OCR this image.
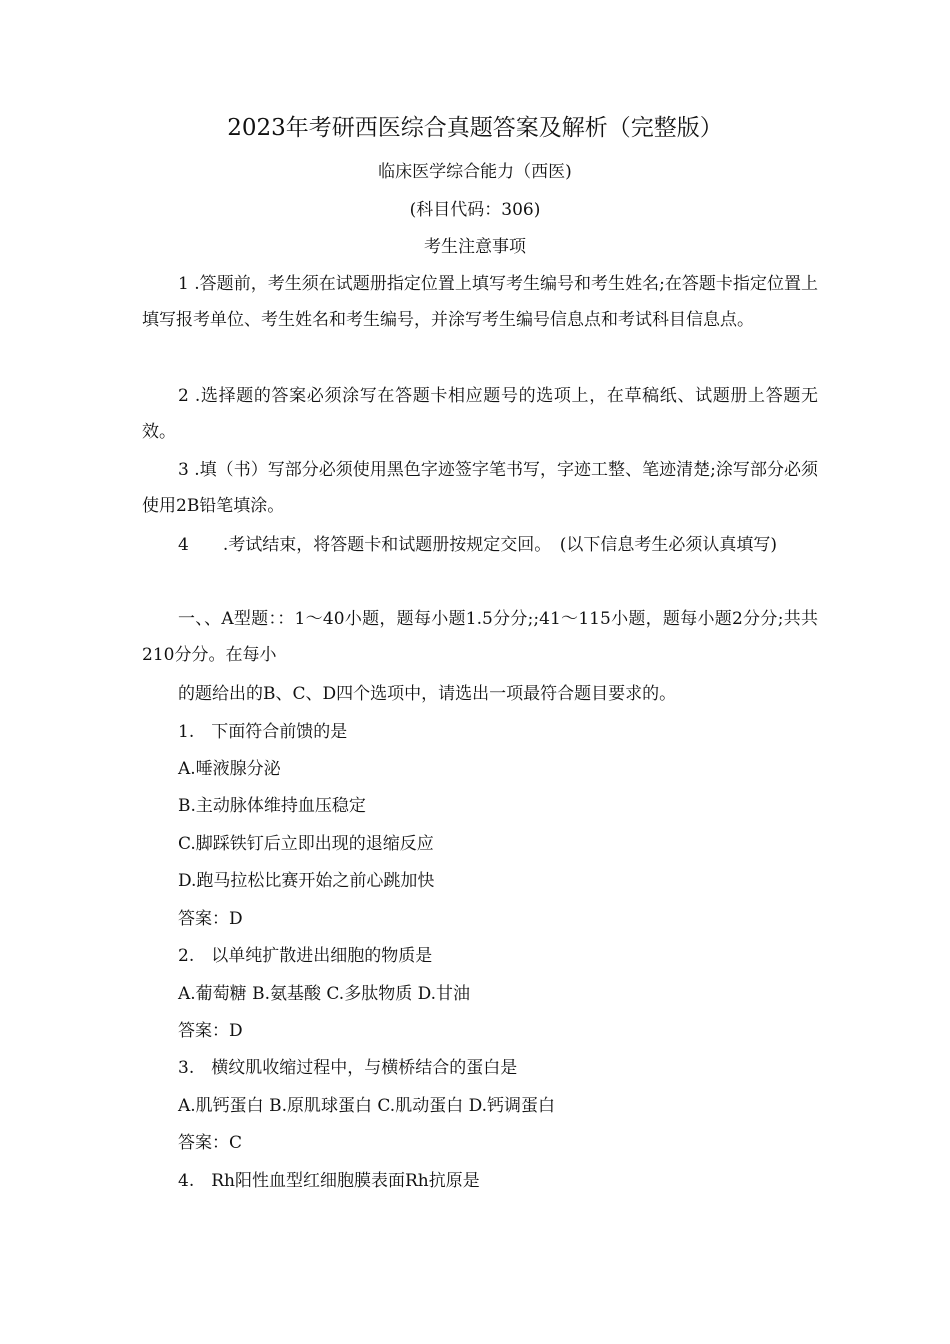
2023年考研西医综合真题答案及解析（完整版）
临床医学综合能力（西医)
(科目代码：306)
考生注意事项
1 .答题前，考生须在试题册指定位置上填写考生编号和考生姓名;在答题卡指定位置上填写报考单位、考生姓名和考生编号，并涂写考生编号信息点和考试科目信息点。
2 .选择题的答案必须涂写在答题卡相应题号的选项上，在草稿纸、试题册上答题无效。
3 .填（书）写部分必须使用黑色字迹签字笔书写，字迹工整、笔迹清楚;涂写部分必须使用2B铅笔填涂。
4　　.考试结束，将答题卡和试题册按规定交回。　(以下信息考生必须认真填写)
一、、A型题：：1～40小题，题每小题1.5分分;;41～115小题，题每小题2分分;共共210分分。在每小
的题给出的B、C、D四个选项中，请选出一项最符合题目要求的。
1.　下面符合前馈的是
A.唾液腺分泌
B.主动脉体维持血压稳定
C.脚踩铁钉后立即出现的退缩反应
D.跑马拉松比赛开始之前心跳加快
答案：D
2.　以单纯扩散进出细胞的物质是
A.葡萄糖 B.氨基酸 C.多肽物质 D.甘油
答案：D
3.　横纹肌收缩过程中，与横桥结合的蛋白是
A.肌钙蛋白 B.原肌球蛋白 C.肌动蛋白 D.钙调蛋白
答案：C
4.　Rh阳性血型红细胞膜表面Rh抗原是
